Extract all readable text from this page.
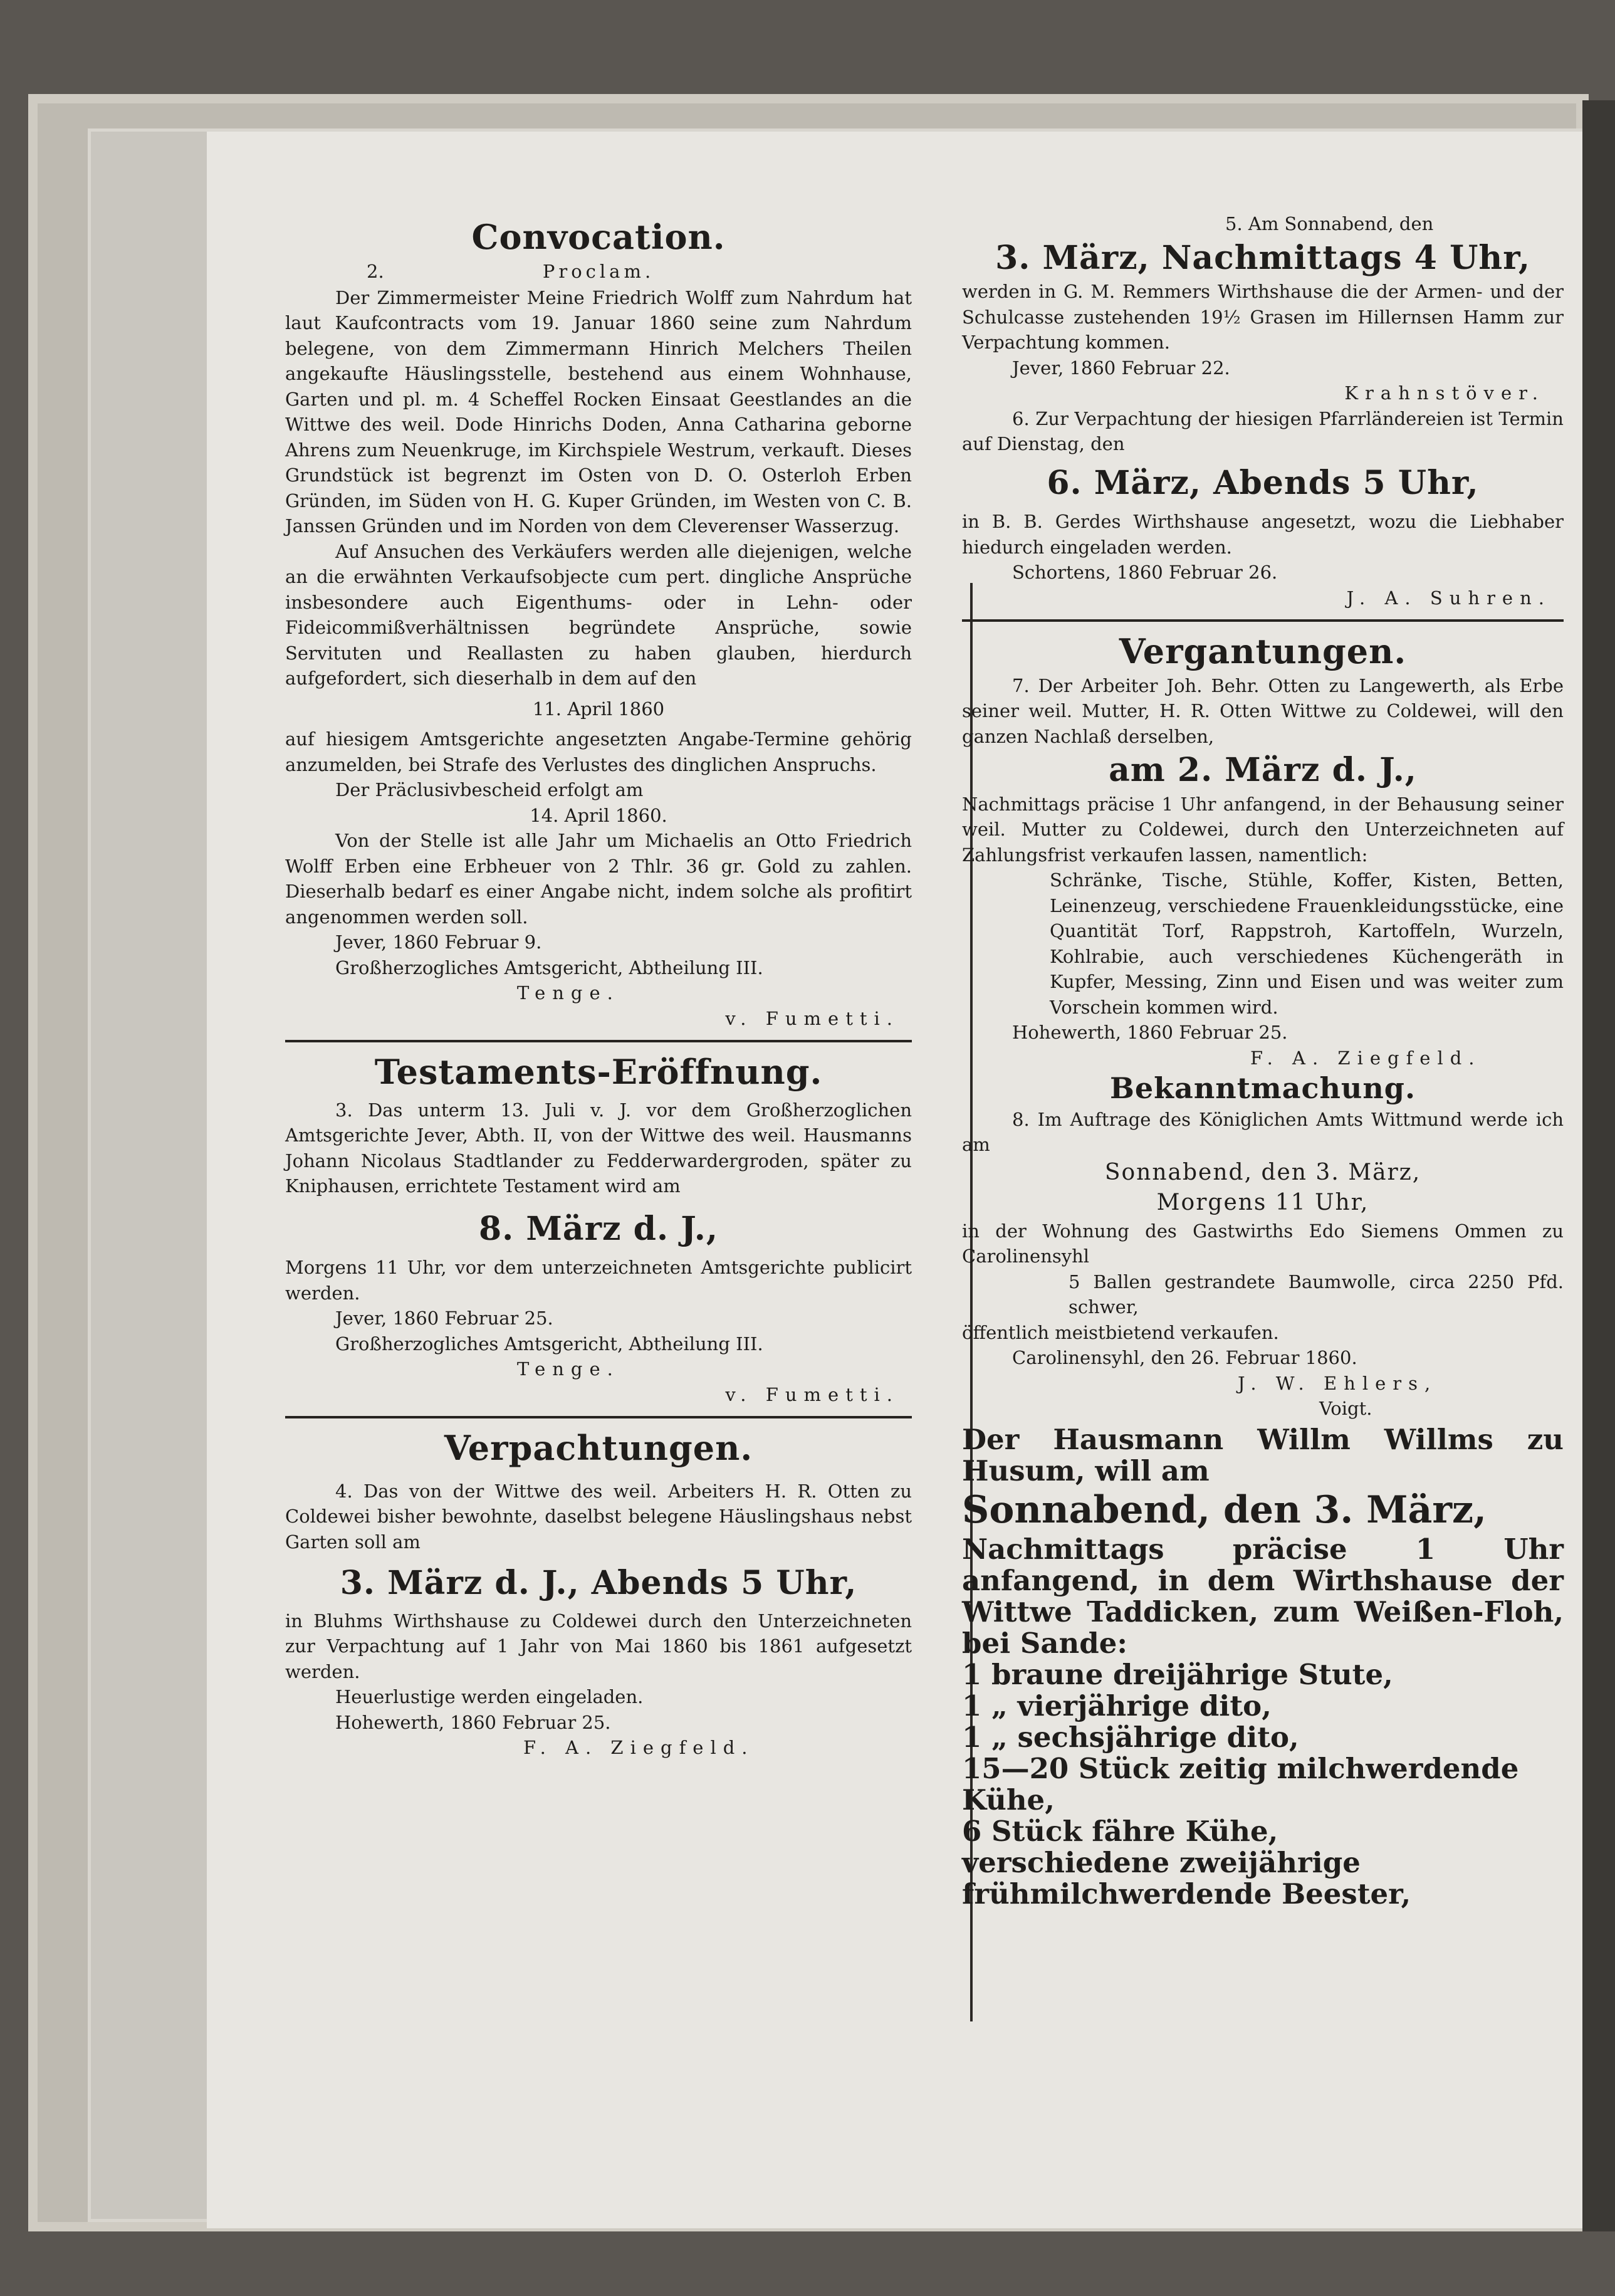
Convocation.
2.	Proclam.

Der Zimmermeister Meine Friedrich Wolff zum Nahrdum hat laut Kaufcontracts vom 19. Januar 1860 seine zum Nahrdum belegene, von dem Zimmermann Hinrich Melchers Theilen angekaufte Häuslingsstelle, bestehend aus einem Wohnhause, Garten und pl. m. 4 Scheffel Rocken Einsaat Geestlandes an die Wittwe des weil. Dode Hinrichs Doden, Anna Catharina geborne Ahrens zum Neuenkruge, im Kirchspiele Westrum, verkauft. Dieses Grundstück ist begrenzt im Osten von D. O. Osterloh Erben Gründen, im Süden von H. G. Kuper Gründen, im Westen von C. B. Janssen Gründen und im Norden von dem Cleverenser Wasserzug.

Auf Ansuchen des Verkäufers werden alle diejenigen, welche an die erwähnten Verkaufsobjecte cum pert. dingliche Ansprüche insbesondere auch Eigenthums- oder in Lehn- oder Fideicommißverhältnissen begründete Ansprüche, sowie Servituten und Reallasten zu haben glauben, hierdurch aufgefordert, sich dieserhalb in dem auf den

11. April 1860

auf hiesigem Amtsgerichte angesetzten Angabe-Termine gehörig anzumelden, bei Strafe des Verlustes des dinglichen Anspruchs.

Der Präclusivbescheid erfolgt am

14. April 1860.

Von der Stelle ist alle Jahr um Michaelis an Otto Friedrich Wolff Erben eine Erbheuer von 2 Thlr. 36 gr. Gold zu zahlen. Dieserhalb bedarf es einer Angabe nicht, indem solche als profitirt angenommen werden soll.

Jever, 1860 Februar 9.

Großherzogliches Amtsgericht, Abtheilung III.

Tenge.

v. Fumetti.

Testaments-Eröffnung.

3. Das unterm 13. Juli v. J. vor dem Großherzoglichen Amtsgerichte Jever, Abth. II, von der Wittwe des weil. Hausmanns Johann Nicolaus Stadtlander zu Fedderwardergroden, später zu Kniphausen, errichtete Testament wird am

8. März d. J.,

Morgens 11 Uhr, vor dem unterzeichneten Amtsgerichte publicirt werden.

Jever, 1860 Februar 25.

Großherzogliches Amtsgericht, Abtheilung III.

Tenge.

v. Fumetti.

Verpachtungen.

4. Das von der Wittwe des weil. Arbeiters H. R. Otten zu Coldewei bisher bewohnte, daselbst belegene Häuslingshaus nebst Garten soll am

3. März d. J., Abends 5 Uhr,

in Bluhms Wirthshause zu Coldewei durch den Unterzeichneten zur Verpachtung auf 1 Jahr von Mai 1860 bis 1861 aufgesetzt werden.

Heuerlustige werden eingeladen.

Hohewerth, 1860 Februar 25.

F. A. Ziegfeld.

5. Am Sonnabend, den

3. März, Nachmittags 4 Uhr,

werden in G. M. Remmers Wirthshause die der Armen- und der Schulcasse zustehenden 19½ Grasen im Hillernsen Hamm zur Verpachtung kommen.

Jever, 1860 Februar 22.

Krahnstöver.

6. Zur Verpachtung der hiesigen Pfarrländereien ist Termin auf Dienstag, den

6. März, Abends 5 Uhr,

in B. B. Gerdes Wirthshause angesetzt, wozu die Liebhaber hiedurch eingeladen werden.

Schortens, 1860 Februar 26.

J. A. Suhren.

Vergantungen.

7. Der Arbeiter Joh. Behr. Otten zu Langewerth, als Erbe seiner weil. Mutter, H. R. Otten Wittwe zu Coldewei, will den ganzen Nachlaß derselben,

am 2. März d. J.,

Nachmittags präcise 1 Uhr anfangend, in der Behausung seiner weil. Mutter zu Coldewei, durch den Unterzeichneten auf Zahlungsfrist verkaufen lassen, namentlich:

Schränke, Tische, Stühle, Koffer, Kisten, Betten, Leinenzeug, verschiedene Frauenkleidungsstücke, eine Quantität Torf, Rappstroh, Kartoffeln, Wurzeln, Kohlrabie, auch verschiedenes Küchengeräth in Kupfer, Messing, Zinn und Eisen und was weiter zum Vorschein kommen wird.

Hohewerth, 1860 Februar 25.

F. A. Ziegfeld.

Bekanntmachung.

8. Im Auftrage des Königlichen Amts Wittmund werde ich am

Sonnabend, den 3. März,

Morgens 11 Uhr,

in der Wohnung des Gastwirths Edo Siemens Ommen zu Carolinensyhl

5 Ballen gestrandete Baumwolle, circa 2250 Pfd. schwer,

öffentlich meistbietend verkaufen.

Carolinensyhl, den 26. Februar 1860.

J. W. Ehlers,

Voigt.

Der Hausmann Willm Willms zu Husum, will am

Sonnabend, den 3. März,

Nachmittags präcise 1 Uhr anfangend, in dem Wirthshause der Wittwe Taddicken, zum Weißen-Floh, bei Sande:

1 braune dreijährige Stute,

1 „ vierjährige dito,

1 „ sechsjährige dito,

15—20 Stück zeitig milchwerdende Kühe,

6 Stück fähre Kühe,

verschiedene zweijährige frühmilchwerdende Beester,
